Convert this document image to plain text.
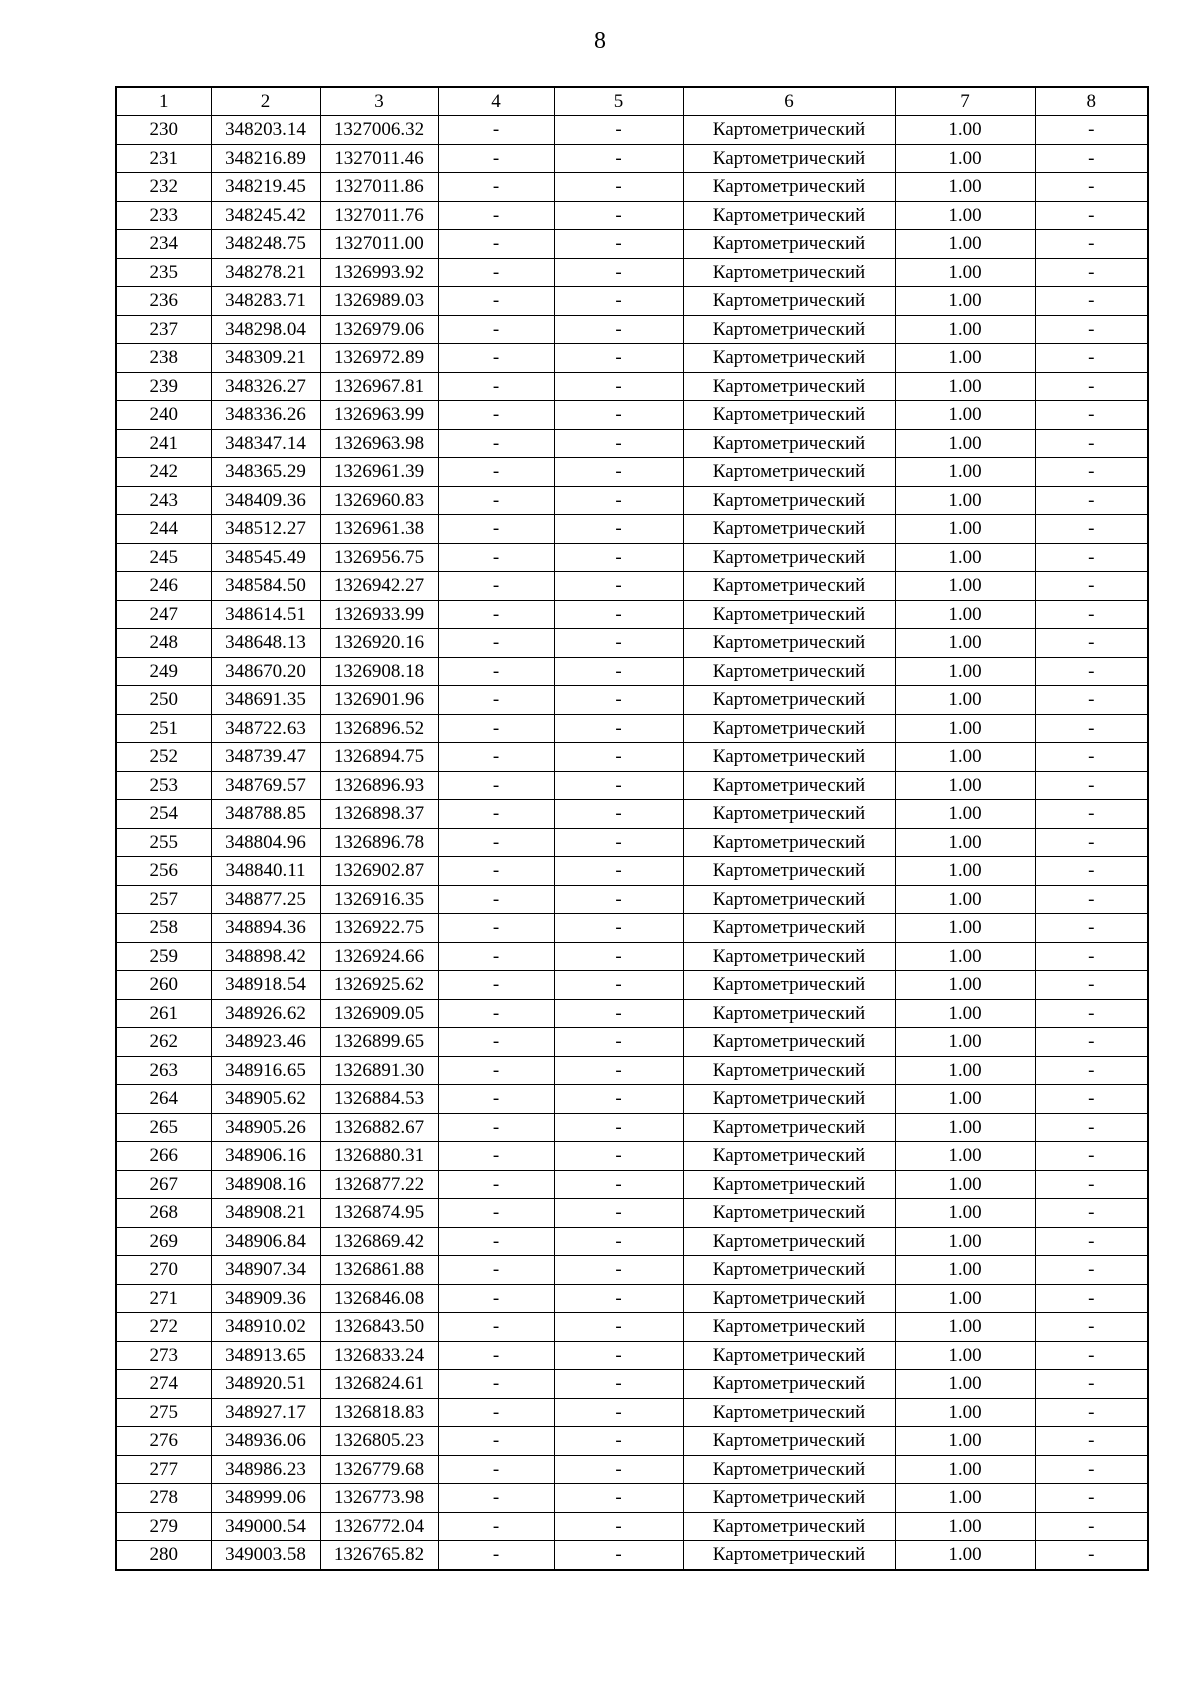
8
1	2	3	4	5	6	7	8
230	348203.14	1327006.32	-	-	Картометрический	1.00	-
231	348216.89	1327011.46	-	-	Картометрический	1.00	-
232	348219.45	1327011.86	-	-	Картометрический	1.00	-
233	348245.42	1327011.76	-	-	Картометрический	1.00	-
234	348248.75	1327011.00	-	-	Картометрический	1.00	-
235	348278.21	1326993.92	-	-	Картометрический	1.00	-
236	348283.71	1326989.03	-	-	Картометрический	1.00	-
237	348298.04	1326979.06	-	-	Картометрический	1.00	-
238	348309.21	1326972.89	-	-	Картометрический	1.00	-
239	348326.27	1326967.81	-	-	Картометрический	1.00	-
240	348336.26	1326963.99	-	-	Картометрический	1.00	-
241	348347.14	1326963.98	-	-	Картометрический	1.00	-
242	348365.29	1326961.39	-	-	Картометрический	1.00	-
243	348409.36	1326960.83	-	-	Картометрический	1.00	-
244	348512.27	1326961.38	-	-	Картометрический	1.00	-
245	348545.49	1326956.75	-	-	Картометрический	1.00	-
246	348584.50	1326942.27	-	-	Картометрический	1.00	-
247	348614.51	1326933.99	-	-	Картометрический	1.00	-
248	348648.13	1326920.16	-	-	Картометрический	1.00	-
249	348670.20	1326908.18	-	-	Картометрический	1.00	-
250	348691.35	1326901.96	-	-	Картометрический	1.00	-
251	348722.63	1326896.52	-	-	Картометрический	1.00	-
252	348739.47	1326894.75	-	-	Картометрический	1.00	-
253	348769.57	1326896.93	-	-	Картометрический	1.00	-
254	348788.85	1326898.37	-	-	Картометрический	1.00	-
255	348804.96	1326896.78	-	-	Картометрический	1.00	-
256	348840.11	1326902.87	-	-	Картометрический	1.00	-
257	348877.25	1326916.35	-	-	Картометрический	1.00	-
258	348894.36	1326922.75	-	-	Картометрический	1.00	-
259	348898.42	1326924.66	-	-	Картометрический	1.00	-
260	348918.54	1326925.62	-	-	Картометрический	1.00	-
261	348926.62	1326909.05	-	-	Картометрический	1.00	-
262	348923.46	1326899.65	-	-	Картометрический	1.00	-
263	348916.65	1326891.30	-	-	Картометрический	1.00	-
264	348905.62	1326884.53	-	-	Картометрический	1.00	-
265	348905.26	1326882.67	-	-	Картометрический	1.00	-
266	348906.16	1326880.31	-	-	Картометрический	1.00	-
267	348908.16	1326877.22	-	-	Картометрический	1.00	-
268	348908.21	1326874.95	-	-	Картометрический	1.00	-
269	348906.84	1326869.42	-	-	Картометрический	1.00	-
270	348907.34	1326861.88	-	-	Картометрический	1.00	-
271	348909.36	1326846.08	-	-	Картометрический	1.00	-
272	348910.02	1326843.50	-	-	Картометрический	1.00	-
273	348913.65	1326833.24	-	-	Картометрический	1.00	-
274	348920.51	1326824.61	-	-	Картометрический	1.00	-
275	348927.17	1326818.83	-	-	Картометрический	1.00	-
276	348936.06	1326805.23	-	-	Картометрический	1.00	-
277	348986.23	1326779.68	-	-	Картометрический	1.00	-
278	348999.06	1326773.98	-	-	Картометрический	1.00	-
279	349000.54	1326772.04	-	-	Картометрический	1.00	-
280	349003.58	1326765.82	-	-	Картометрический	1.00	-
